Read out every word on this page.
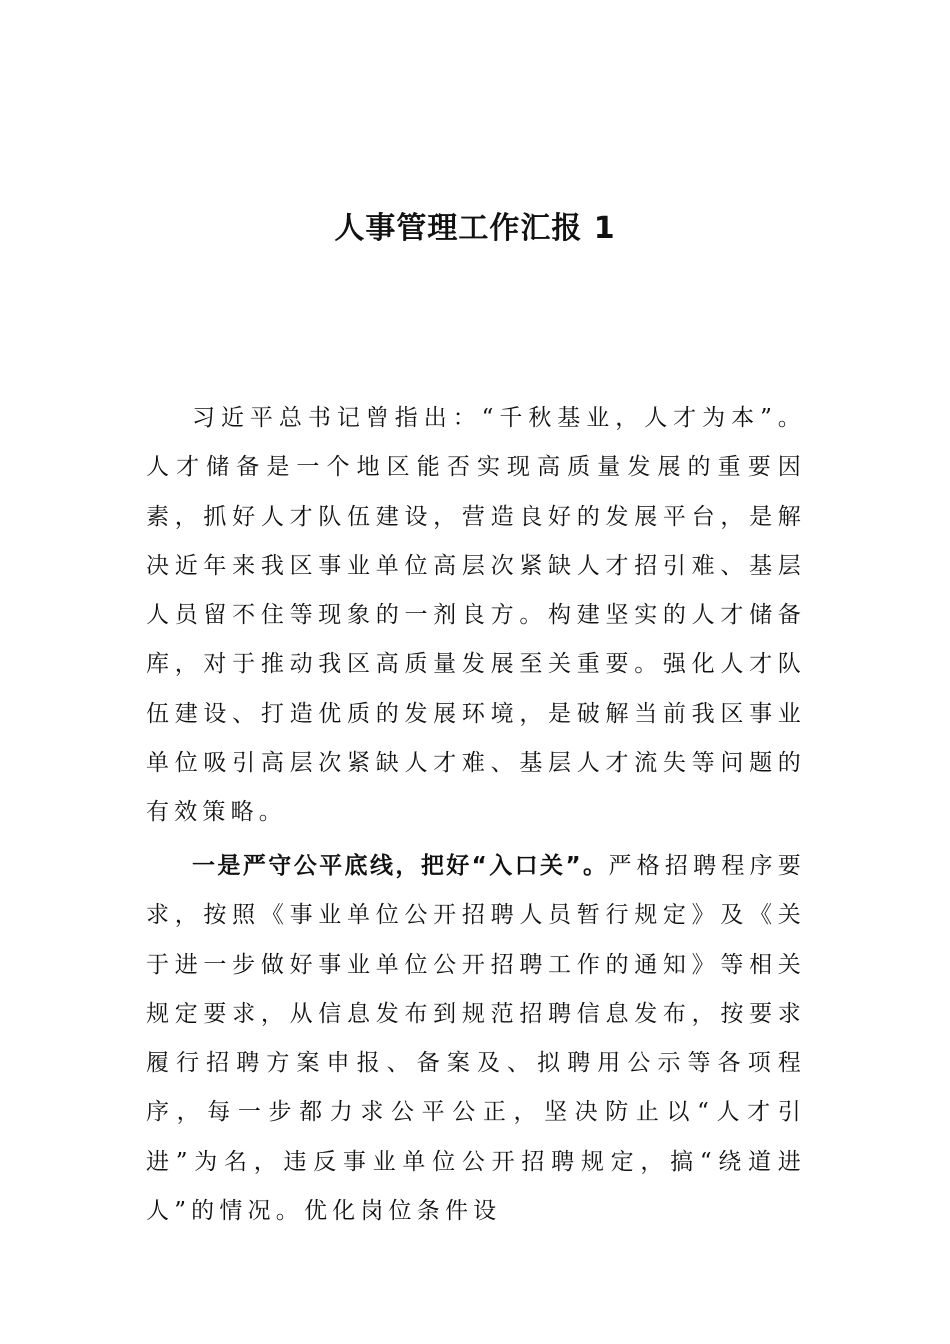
人事管理工作汇报 1

习近平总书记曾指出：“千秋基业，人才为本”。人才储备是一个地区能否实现高质量发展的重要因素，抓好人才队伍建设，营造良好的发展平台，是解决近年来我区事业单位高层次紧缺人才招引难、基层人员留不住等现象的一剂良方。构建坚实的人才储备库，对于推动我区高质量发展至关重要。强化人才队伍建设、打造优质的发展环境，是破解当前我区事业单位吸引高层次紧缺人才难、基层人才流失等问题的有效策略。

一是严守公平底线，把好“入口关”。严格招聘程序要求，按照《事业单位公开招聘人员暂行规定》及《关于进一步做好事业单位公开招聘工作的通知》等相关规定要求，从信息发布到规范招聘信息发布，按要求履行招聘方案申报、备案及、拟聘用公示等各项程序，每一步都力求公平公正，坚决防止以“人才引进”为名，违反事业单位公开招聘规定，搞“绕道进人”的情况。优化岗位条件设
